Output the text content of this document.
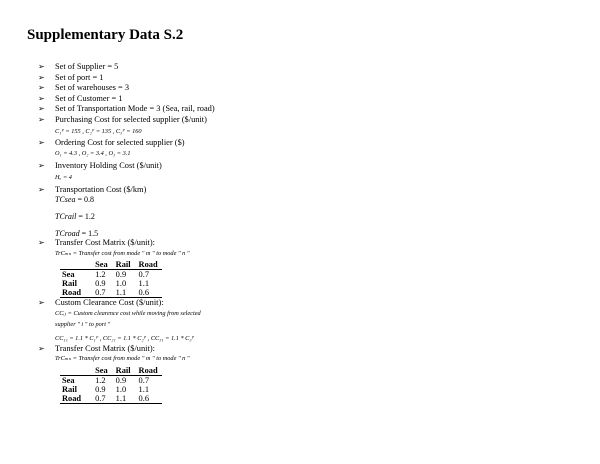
Supplementary Data S.2
➢ Set of Supplier = 5
➢ Set of port = 1
➢ Set of warehouses = 3
➢ Set of Customer = 1
➢ Set of Transportation Mode = 3 (Sea, rail, road)
➢ Purchasing Cost for selected supplier ($/unit)
C₁ᴾ = 155 , C₂ᴾ = 135 , C₃ᴾ = 160
➢ Ordering Cost for selected supplier ($)
O₁ = 4.3 , O₂ = 3.4 , O₃ = 3.1
➢ Inventory Holding Cost ($/unit)
Hᵤ = 4
➢ Transportation Cost ($/km)
TCsea = 0.8
TCrail = 1.2
TCroad = 1.5
➢ Transfer Cost Matrix ($/unit):
TrCₘₙ = Transfer cost from mode " m " to mode " n "
	Sea	Rail	Road
Sea	1.2	0.9	0.7
Rail	0.9	1.0	1.1
Road	0.7	1.1	0.6
➢ Custom Clearance Cost ($/unit):
CCᵢⱼ = Custom clearence cost while moving from selected
supplier " i " to port "
CC₁₁ = 1.1 * C₁ᴾ , CC₂₁ = 1.1 * C₂ᴾ , CC₃₁ = 1.1 * C₃ᴾ
➢ Transfer Cost Matrix ($/unit):
TrCₘₙ = Transfer cost from mode " m " to mode " n "
	Sea	Rail	Road
Sea	1.2	0.9	0.7
Rail	0.9	1.0	1.1
Road	0.7	1.1	0.6
